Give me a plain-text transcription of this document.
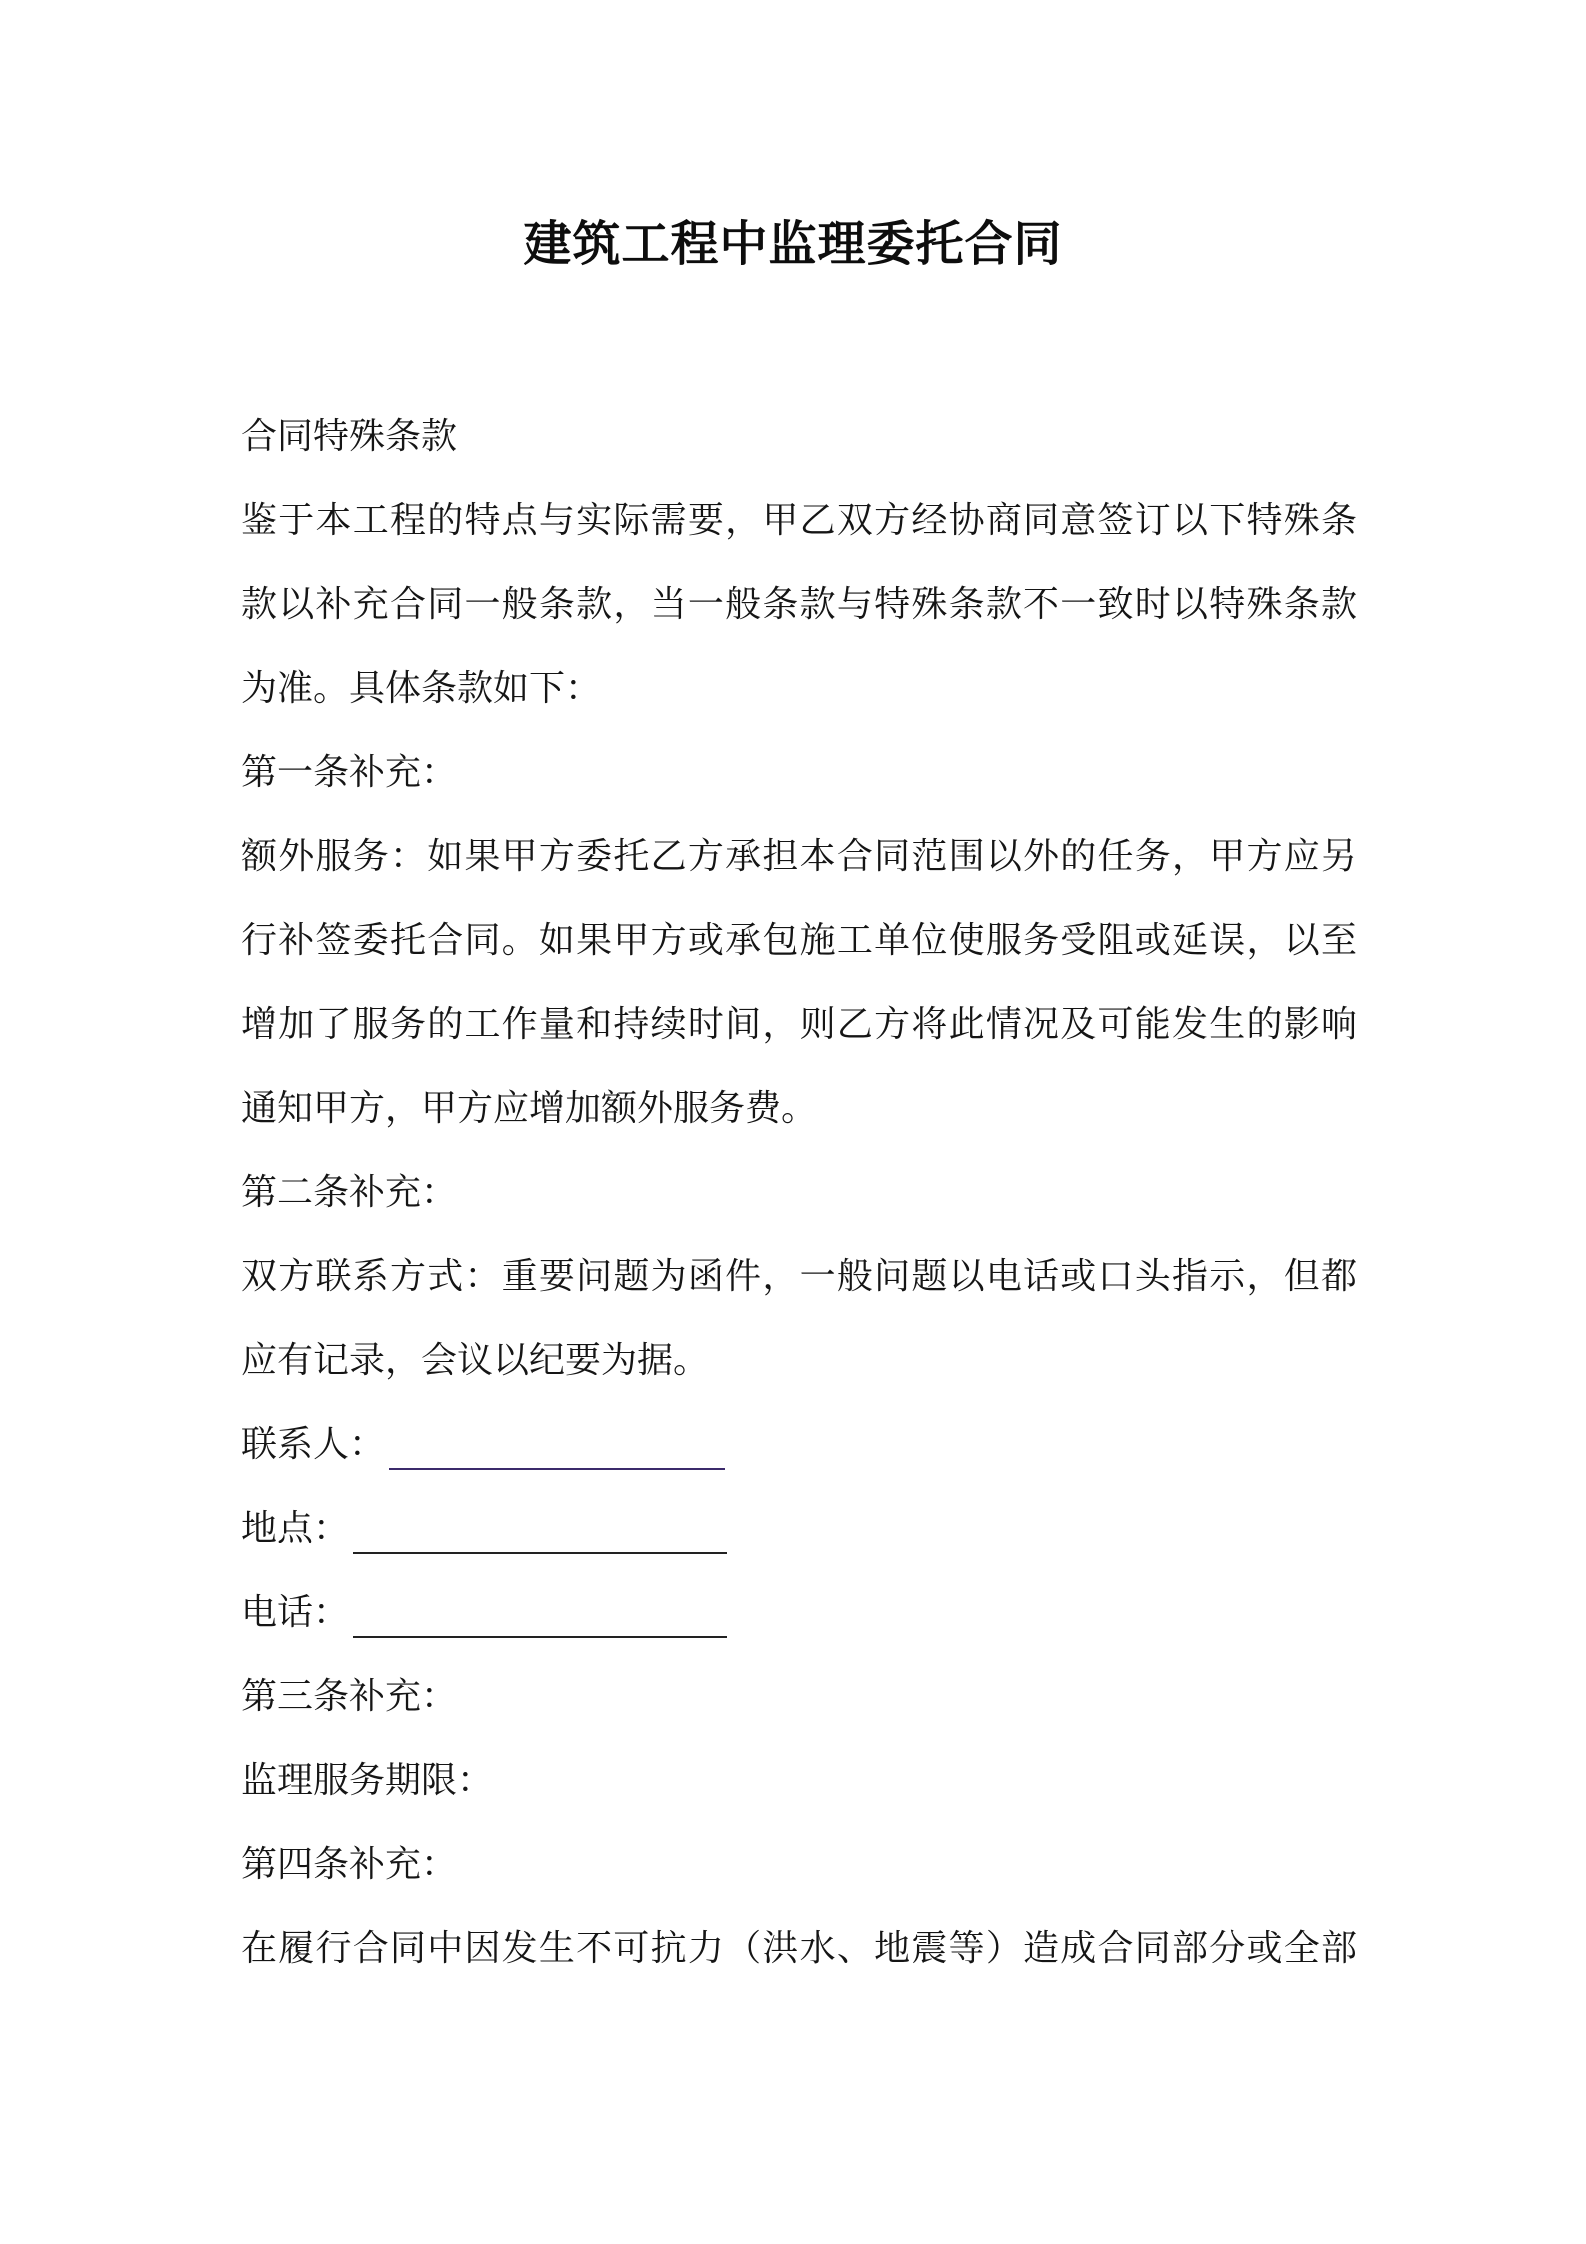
建筑工程中监理委托合同
合同特殊条款
鉴于本工程的特点与实际需要，甲乙双方经协商同意签订以下特殊条
款以补充合同一般条款，当一般条款与特殊条款不一致时以特殊条款
为准。具体条款如下：
第一条补充：
额外服务：如果甲方委托乙方承担本合同范围以外的任务，甲方应另
行补签委托合同。如果甲方或承包施工单位使服务受阻或延误，以至
增加了服务的工作量和持续时间，则乙方将此情况及可能发生的影响
通知甲方，甲方应增加额外服务费。
第二条补充：
双方联系方式：重要问题为函件，一般问题以电话或口头指示，但都
应有记录，会议以纪要为据。
联系人：
地点：
电话：
第三条补充：
监理服务期限：
第四条补充：
在履行合同中因发生不可抗力（洪水、地震等）造成合同部分或全部
